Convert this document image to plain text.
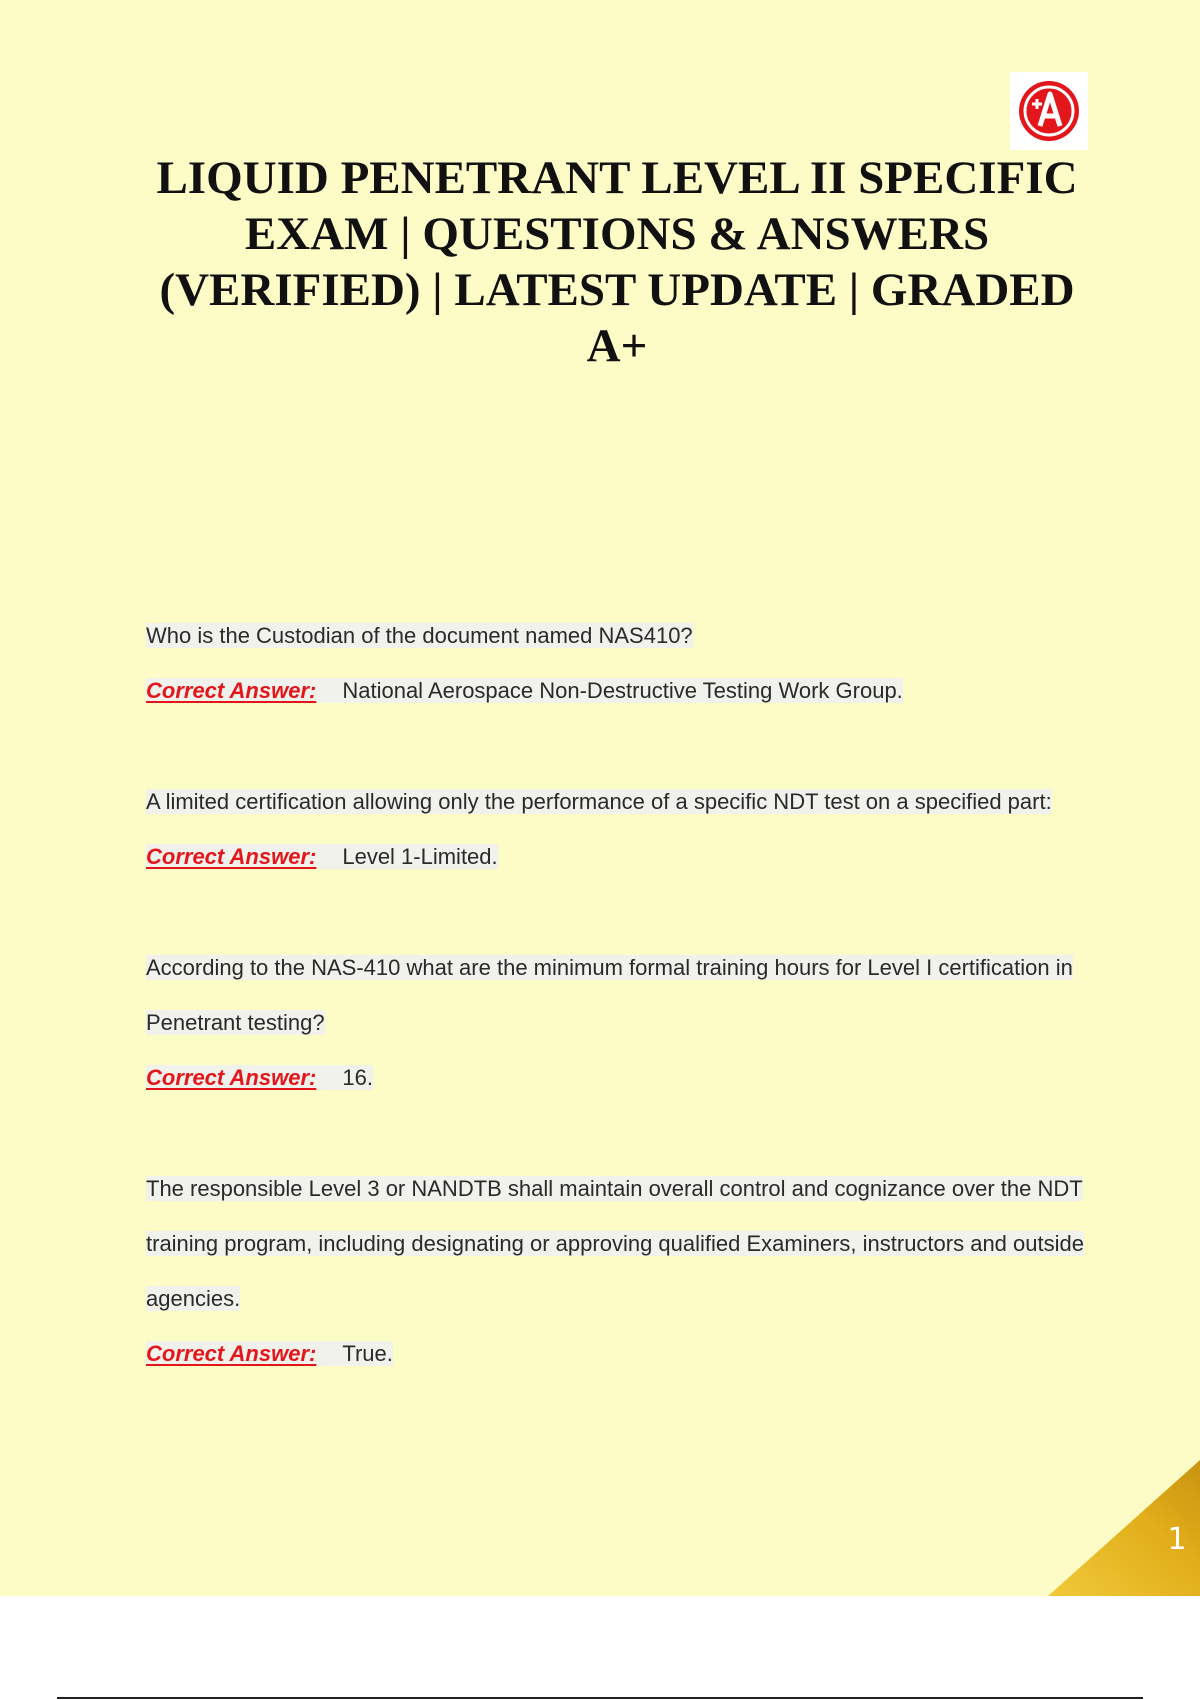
LIQUID PENETRANT LEVEL II SPECIFIC EXAM | QUESTIONS & ANSWERS (VERIFIED) | LATEST UPDATE | GRADED A+

Who is the Custodian of the document named NAS410?

Correct Answer: National Aerospace Non-Destructive Testing Work Group.

A limited certification allowing only the performance of a specific NDT test on a specified part:

Correct Answer: Level 1-Limited.

According to the NAS-410 what are the minimum formal training hours for Level I certification in Penetrant testing?

Correct Answer: 16.

The responsible Level 3 or NANDTB shall maintain overall control and cognizance over the NDT training program, including designating or approving qualified Examiners, instructors and outside agencies.

Correct Answer: True.

1
